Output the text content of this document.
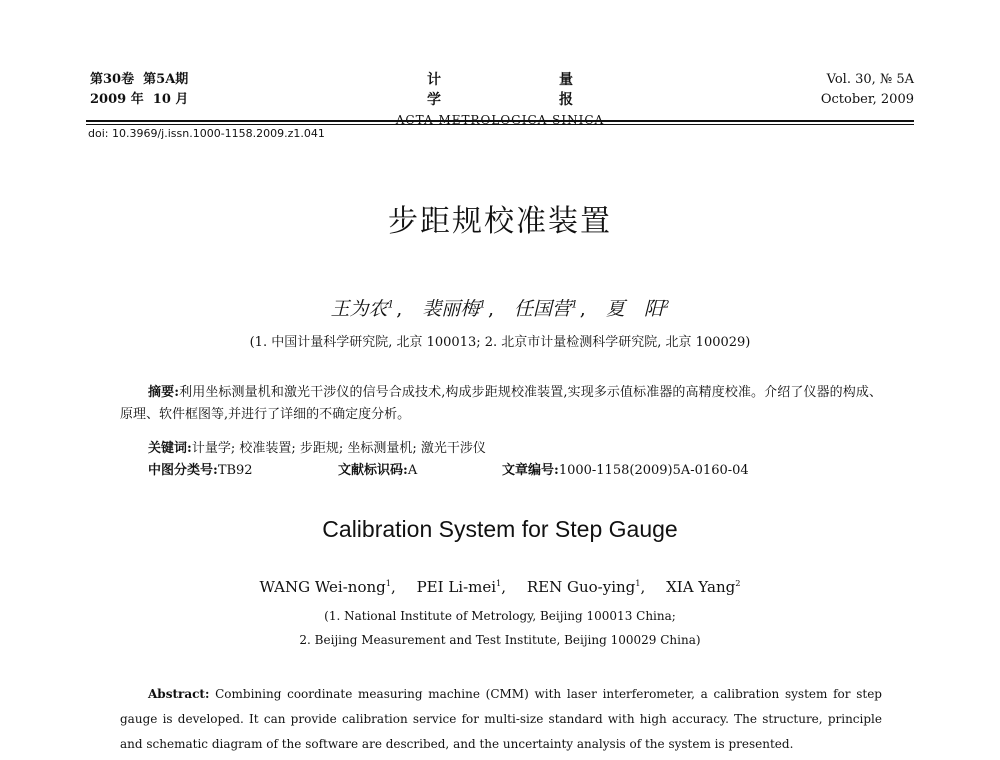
第30卷 第5A期
2009 年 10 月
计　量　学　报
ACTA METROLOGICA SINICA
Vol. 30, № 5A
October, 2009
doi: 10.3969/j.issn.1000-1158.2009.z1.041
步距规校准装置
王为农$^1$ , 裴丽梅$^1$ , 任国营$^1$ , 夏　阳$^2$
(1. 中国计量科学研究院, 北京 100013; 2. 北京市计量检测科学研究院, 北京 100029)
摘要:利用坐标测量机和激光干涉仪的信号合成技术,构成步距规校准装置,实现多示值标准器的高精度校准。介绍了仪器的构成、原理、软件框图等,并进行了详细的不确定度分析。
关键词:计量学; 校准装置; 步距规; 坐标测量机; 激光干涉仪
中图分类号:TB92	文献标识码:A	文章编号:1000-1158(2009)5A-0160-04
Calibration System for Step Gauge
WANG Wei-nong$^1$, PEI Li-mei$^1$, REN Guo-ying$^1$, XIA Yang$^2$
(1. National Institute of Metrology, Beijing 100013 China;
2. Beijing Measurement and Test Institute, Beijing 100029 China)
Abstract: Combining coordinate measuring machine (CMM) with laser interferometer, a calibration system for step gauge is developed. It can provide calibration service for multi-size standard with high accuracy. The structure, principle and schematic diagram of the software are described, and the uncertainty analysis of the system is presented.
